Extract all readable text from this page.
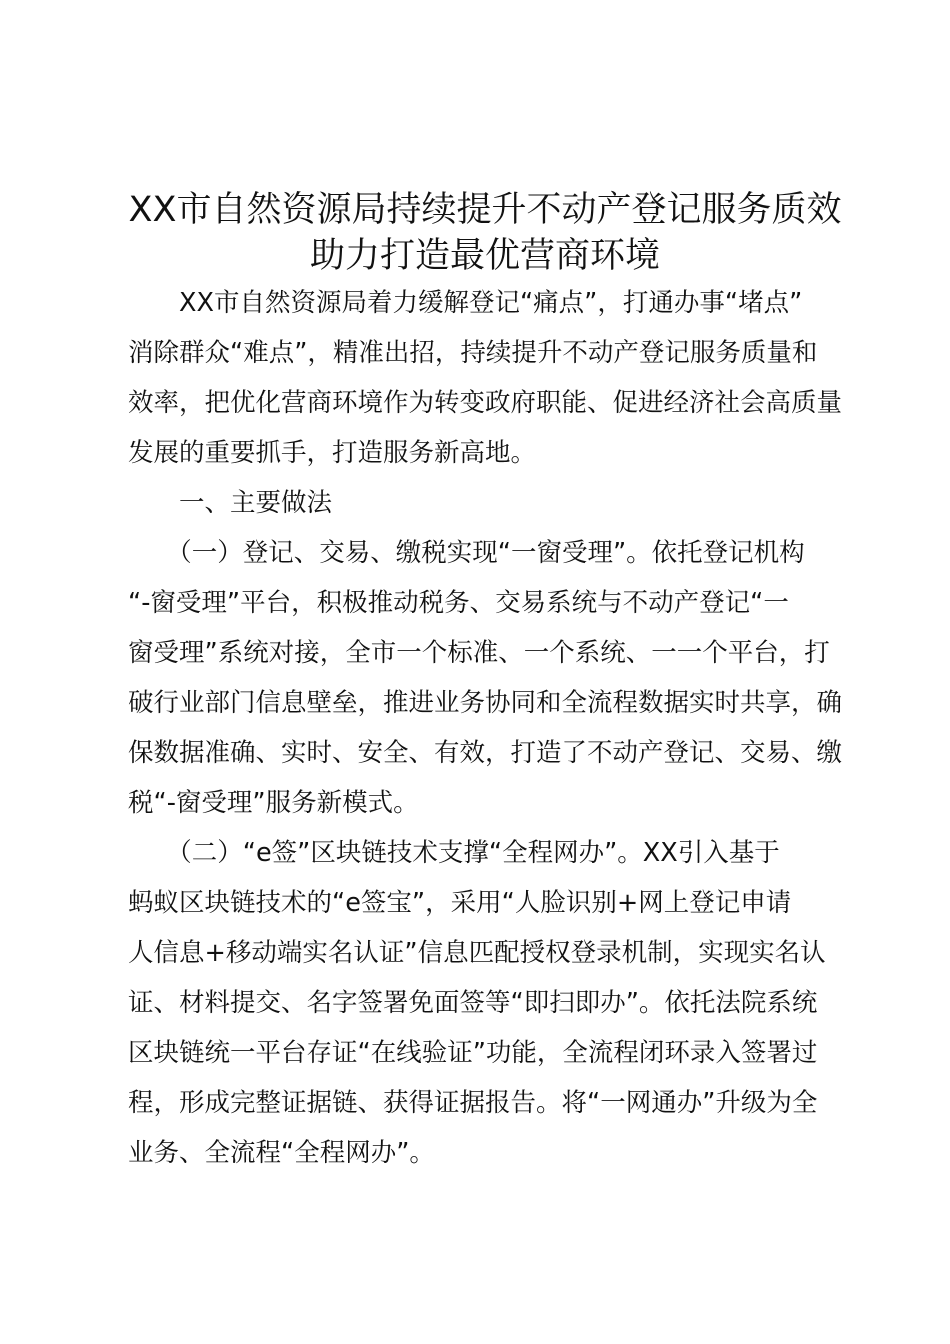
XX市自然资源局持续提升不动产登记服务质效
助力打造最优营商环境
　　XX市自然资源局着力缓解登记“痛点”，打通办事“堵点”
消除群众“难点”，精准出招，持续提升不动产登记服务质量和
效率，把优化营商环境作为转变政府职能、促进经济社会高质量
发展的重要抓手，打造服务新高地。
　　一、主要做法
　　（一）登记、交易、缴税实现“一窗受理”。依托登记机构
“-窗受理”平台，积极推动税务、交易系统与不动产登记“一
窗受理”系统对接，全市一个标准、一个系统、一一个平台，打
破行业部门信息壁垒，推进业务协同和全流程数据实时共享，确
保数据准确、实时、安全、有效，打造了不动产登记、交易、缴
税“-窗受理”服务新模式。
　　（二）“e签”区块链技术支撑“全程网办”。XX引入基于
蚂蚁区块链技术的“e签宝”，采用“人脸识别+网上登记申请
人信息+移动端实名认证”信息匹配授权登录机制，实现实名认
证、材料提交、名字签署免面签等“即扫即办”。依托法院系统
区块链统一平台存证“在线验证”功能，全流程闭环录入签署过
程，形成完整证据链、获得证据报告。将“一网通办”升级为全
业务、全流程“全程网办”。
